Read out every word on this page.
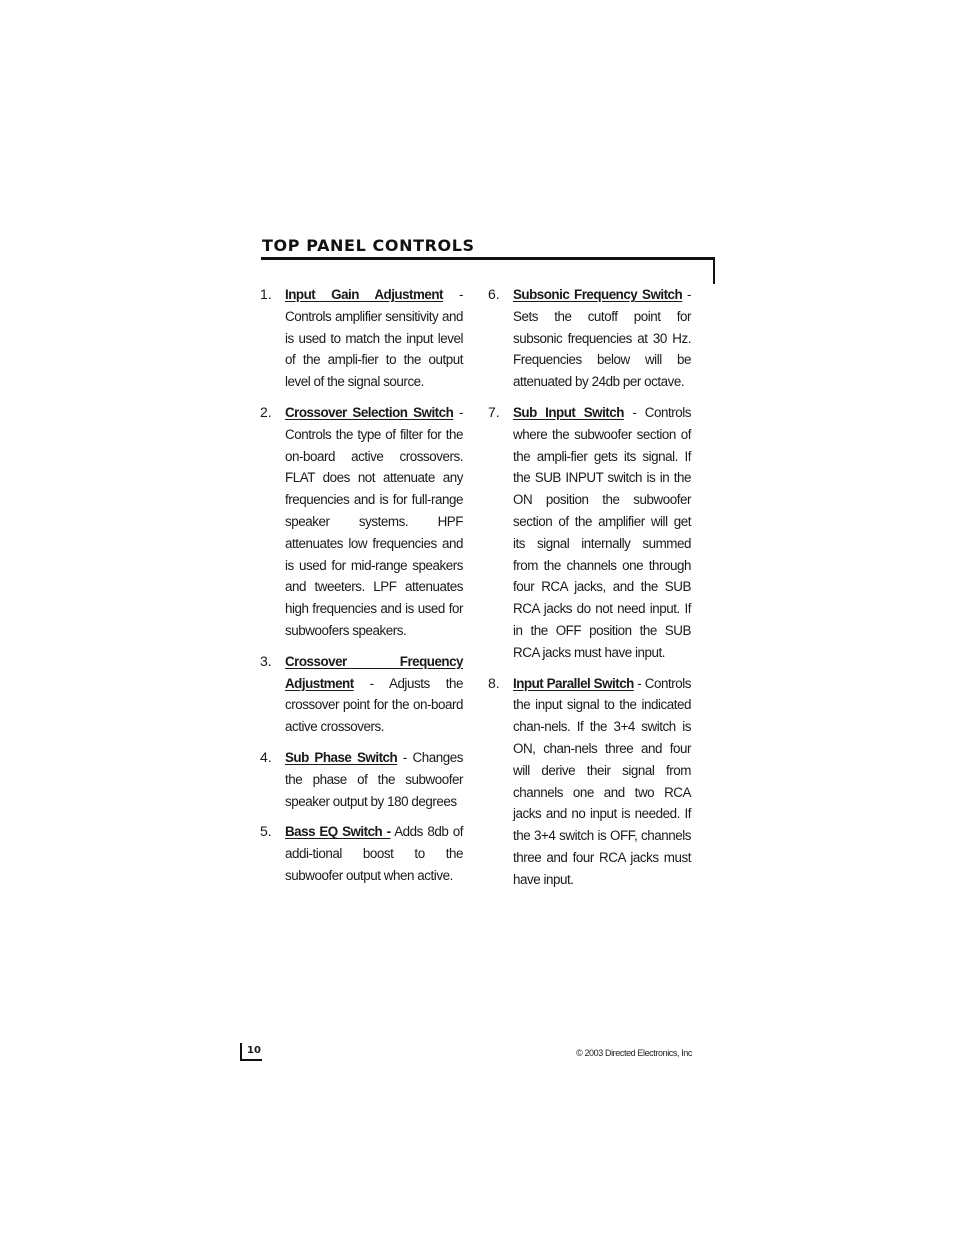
TOP PANEL CONTROLS
1. Input Gain Adjustment - Controls amplifier sensitivity and is used to match the input level of the ampli-fier to the output level of the signal source.
2. Crossover Selection Switch - Controls the type of filter for the on-board active crossovers. FLAT does not attenuate any frequencies and is for full-range speaker systems. HPF attenuates low frequencies and is used for mid-range speakers and tweeters. LPF attenuates high frequencies and is used for subwoofers speakers.
3. Crossover Frequency Adjustment - Adjusts the crossover point for the on-board active crossovers.
4. Sub Phase Switch - Changes the phase of the subwoofer speaker output by 180 degrees
5. Bass EQ Switch - Adds 8db of addi-tional boost to the subwoofer output when active.
6. Subsonic Frequency Switch - Sets the cutoff point for subsonic frequencies at 30 Hz. Frequencies below will be attenuated by 24db per octave.
7. Sub Input Switch - Controls where the subwoofer section of the ampli-fier gets its signal. If the SUB INPUT switch is in the ON position the subwoofer section of the amplifier will get its signal internally summed from the channels one through four RCA jacks, and the SUB RCA jacks do not need input. If in the OFF position the SUB RCA jacks must have input.
8. Input Parallel Switch - Controls the input signal to the indicated chan-nels. If the 3+4 switch is ON, chan-nels three and four will derive their signal from channels one and two RCA jacks and no input is needed. If the 3+4 switch is OFF, channels three and four RCA jacks must have input.
10	© 2003 Directed Electronics, Inc
